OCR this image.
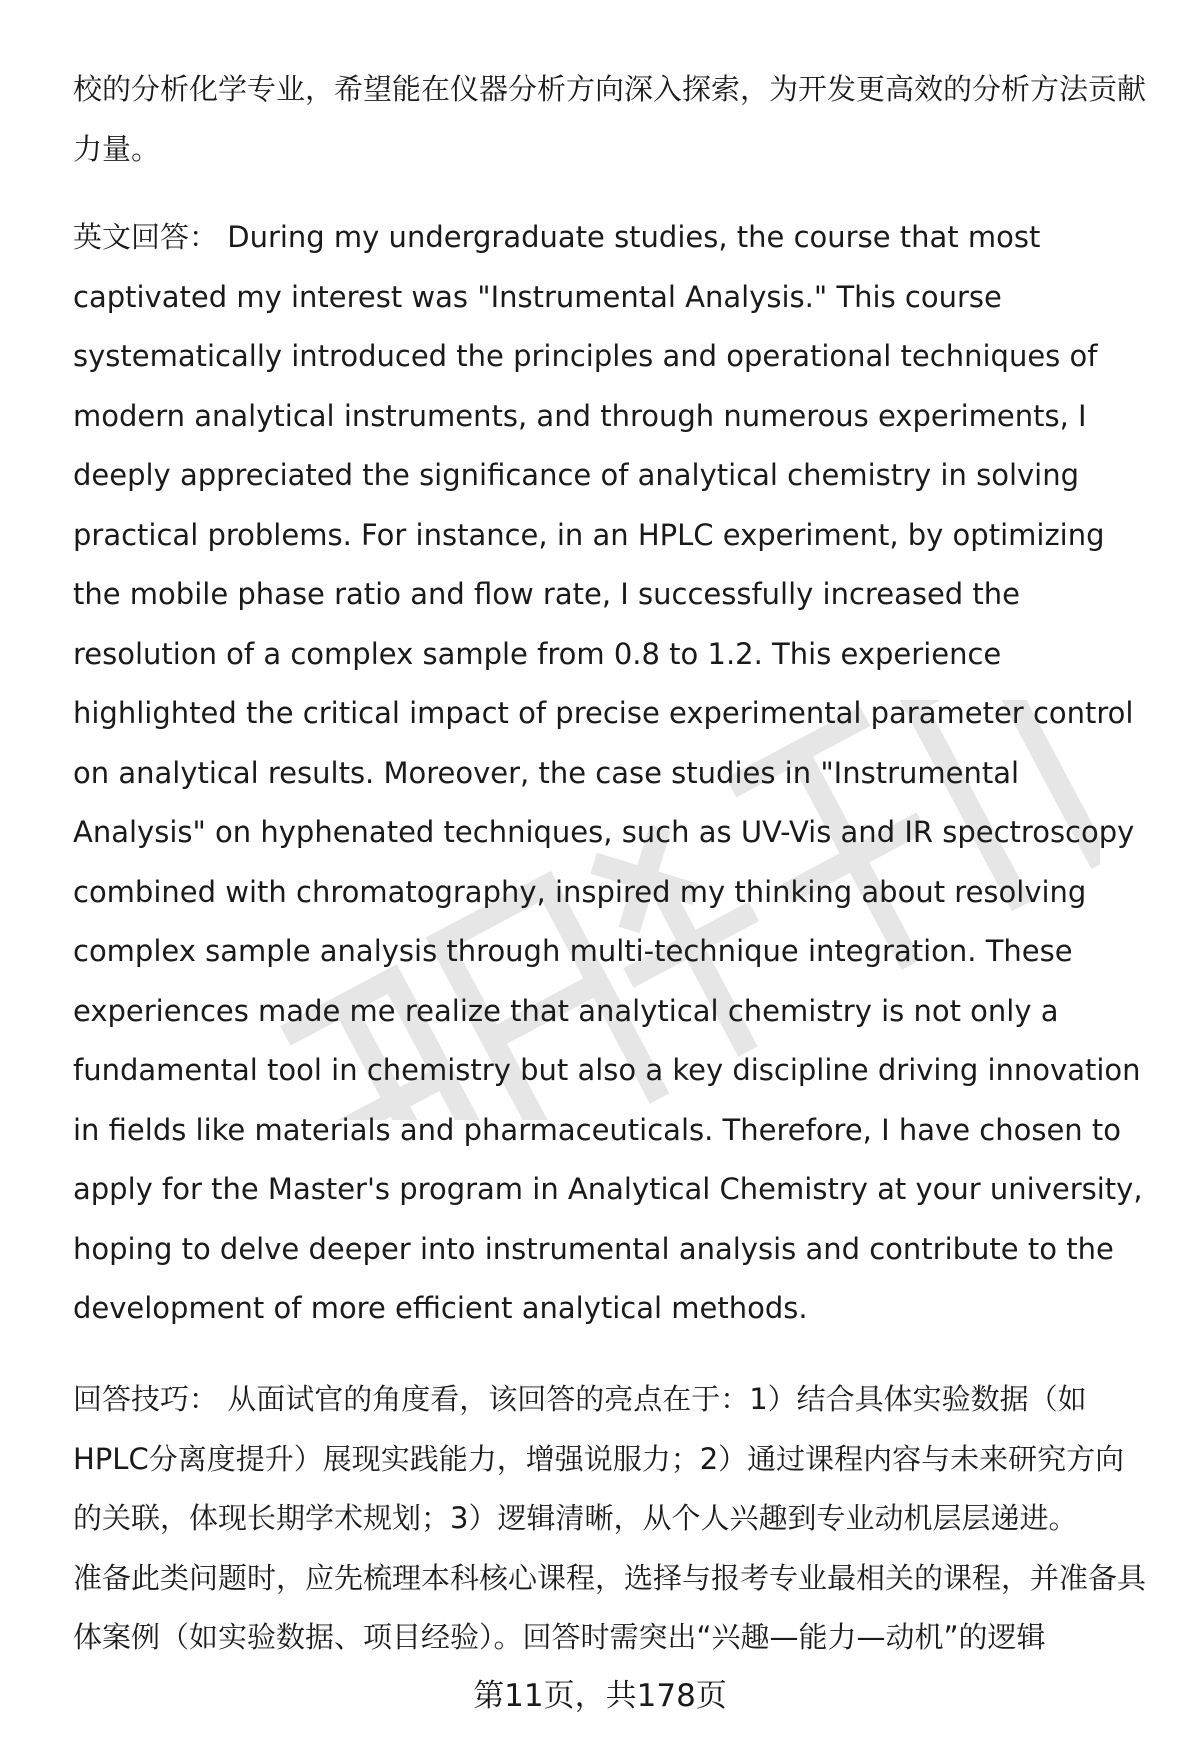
校的分析化学专业，希望能在仪器分析方向深入探索，为开发更高效的分析方法贡献力量。

英文回答： During my undergraduate studies, the course that most captivated my interest was "Instrumental Analysis." This course systematically introduced the principles and operational techniques of modern analytical instruments, and through numerous experiments, I deeply appreciated the significance of analytical chemistry in solving practical problems. For instance, in an HPLC experiment, by optimizing the mobile phase ratio and flow rate, I successfully increased the resolution of a complex sample from 0.8 to 1.2. This experience highlighted the critical impact of precise experimental parameter control on analytical results. Moreover, the case studies in "Instrumental Analysis" on hyphenated techniques, such as UV-Vis and IR spectroscopy combined with chromatography, inspired my thinking about resolving complex sample analysis through multi-technique integration. These experiences made me realize that analytical chemistry is not only a fundamental tool in chemistry but also a key discipline driving innovation in fields like materials and pharmaceuticals. Therefore, I have chosen to apply for the Master's program in Analytical Chemistry at your university, hoping to delve deeper into instrumental analysis and contribute to the development of more efficient analytical methods.

回答技巧： 从面试官的角度看，该回答的亮点在于：1）结合具体实验数据（如HPLC分离度提升）展现实践能力，增强说服力；2）通过课程内容与未来研究方向的关联，体现长期学术规划；3）逻辑清晰，从个人兴趣到专业动机层层递进。

准备此类问题时，应先梳理本科核心课程，选择与报考专业最相关的课程，并准备具体案例（如实验数据、项目经验）。回答时需突出“兴趣—能力—动机”的逻辑

第11页，共178页
